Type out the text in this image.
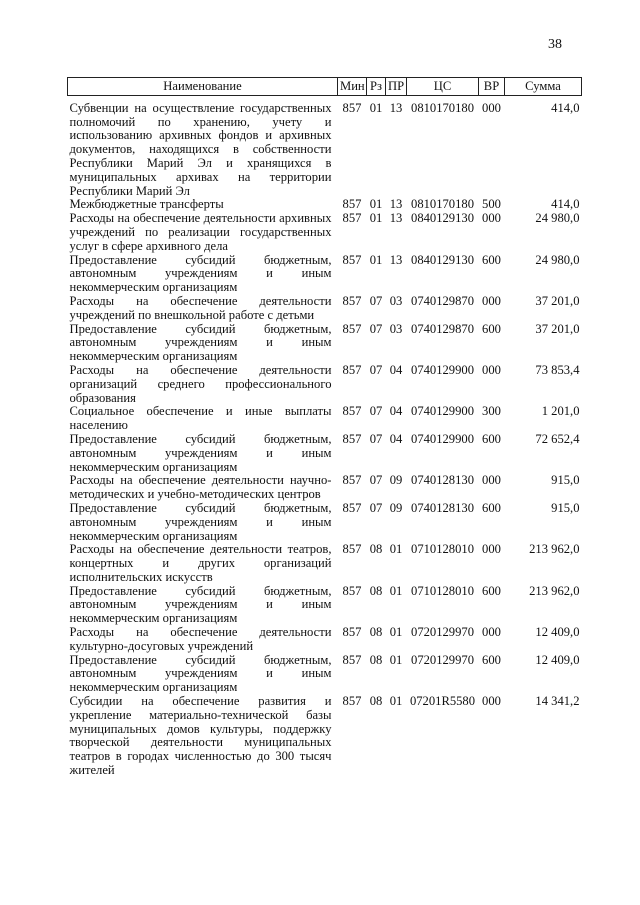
38
Наименование	Мин	Рз	ПР	ЦС	ВР	Сумма
Субвенции на осуществление государственных полномочий по хранению, учету и использованию архивных фондов и архивных документов, находящихся в собственности Республики Марий Эл и хранящихся в муниципальных архивах на территории Республики Марий Эл	857	01	13	0810170180	000	414,0
Межбюджетные трансферты	857	01	13	0810170180	500	414,0
Расходы на обеспечение деятельности архивных учреждений по реализации государственных услуг в сфере архивного дела	857	01	13	0840129130	000	24 980,0
Предоставление субсидий бюджетным, автономным учреждениям и иным некоммерческим организациям	857	01	13	0840129130	600	24 980,0
Расходы на обеспечение деятельности учреждений по внешкольной работе с детьми	857	07	03	0740129870	000	37 201,0
Предоставление субсидий бюджетным, автономным учреждениям и иным некоммерческим организациям	857	07	03	0740129870	600	37 201,0
Расходы на обеспечение деятельности организаций среднего профессионального образования	857	07	04	0740129900	000	73 853,4
Социальное обеспечение и иные выплаты населению	857	07	04	0740129900	300	1 201,0
Предоставление субсидий бюджетным, автономным учреждениям и иным некоммерческим организациям	857	07	04	0740129900	600	72 652,4
Расходы на обеспечение деятельности научно-методических и учебно-методических центров	857	07	09	0740128130	000	915,0
Предоставление субсидий бюджетным, автономным учреждениям и иным некоммерческим организациям	857	07	09	0740128130	600	915,0
Расходы на обеспечение деятельности театров, концертных и других организаций исполнительских искусств	857	08	01	0710128010	000	213 962,0
Предоставление субсидий бюджетным, автономным учреждениям и иным некоммерческим организациям	857	08	01	0710128010	600	213 962,0
Расходы на обеспечение деятельности культурно-досуговых учреждений	857	08	01	0720129970	000	12 409,0
Предоставление субсидий бюджетным, автономным учреждениям и иным некоммерческим организациям	857	08	01	0720129970	600	12 409,0
Субсидии на обеспечение развития и укрепление материально-технической базы муниципальных домов культуры, поддержку творческой деятельности муниципальных театров в городах численностью до 300 тысяч жителей	857	08	01	07201R5580	000	14 341,2
